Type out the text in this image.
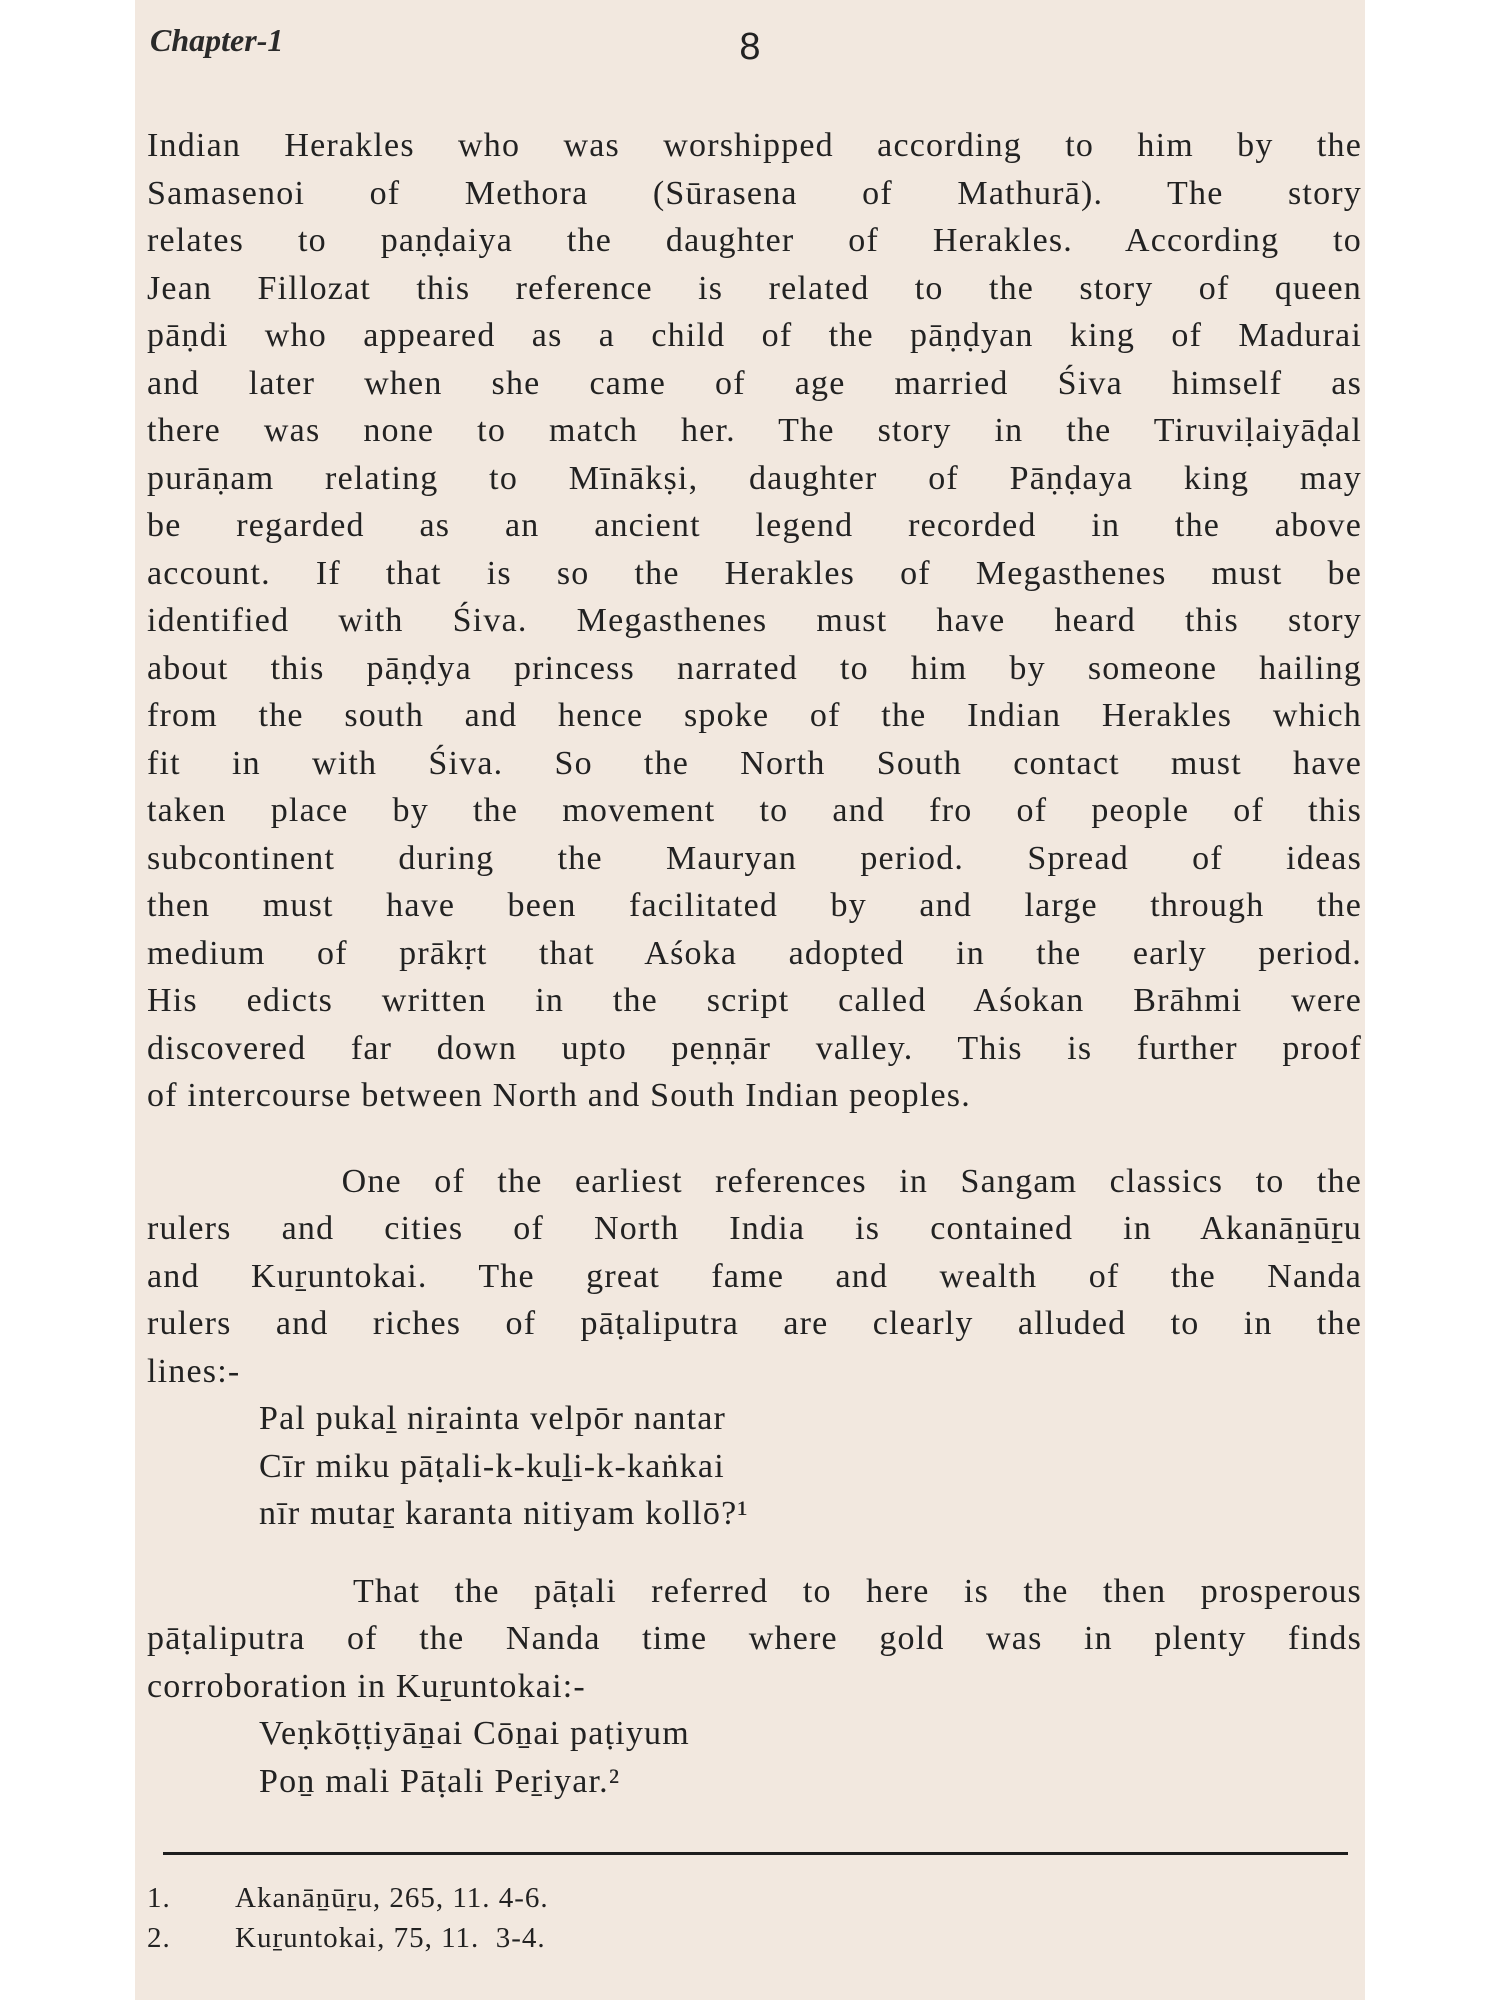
Chapter-1	8

Indian Herakles who was worshipped according to him by the
Samasenoi of Methora (Sūrasena of Mathurā). The story
relates to paṇḍaiya the daughter of Herakles. According to
Jean Fillozat this reference is related to the story of queen
pāṇdi who appeared as a child of the pāṇḍyan king of Madurai
and later when she came of age married Śiva himself as
there was none to match her. The story in the Tiruviḷaiyāḍal
purāṇam relating to Mīnākṣi, daughter of Pāṇḍaya king may
be regarded as an ancient legend recorded in the above
account. If that is so the Herakles of Megasthenes must be
identified with Śiva. Megasthenes must have heard this story
about this pāṇḍya princess narrated to him by someone hailing
from the south and hence spoke of the Indian Herakles which
fit in with Śiva. So the North South contact must have
taken place by the movement to and fro of people of this
subcontinent during the Mauryan period. Spread of ideas
then must have been facilitated by and large through the
medium of prākṛt that Aśoka adopted in the early period.
His edicts written in the script called Aśokan Brāhmi were
discovered far down upto peṇṇār valley. This is further proof
of intercourse between North and South Indian peoples.

One of the earliest references in Sangam classics to the
rulers and cities of North India is contained in Akanāṉūṟu
and Kuṟuntokai. The great fame and wealth of the Nanda
rulers and riches of pāṭaliputra are clearly alluded to in the
lines:-

Pal pukaḻ niṟainta velpōr nantar
Cīr miku pāṭali-k-kuḻi-k-kaṅkai
nīr mutaṟ karanta nitiyam kollō?¹

That the pāṭali referred to here is the then prosperous
pāṭaliputra of the Nanda time where gold was in plenty finds
corroboration in Kuṟuntokai:-

Veṇkōṭṭiyāṉai Cōṉai paṭiyum
Poṉ mali Pāṭali Peṟiyar.²

1.	Akanāṉūṟu, 265, 11. 4-6.
2.	Kuṟuntokai, 75, 11.  3-4.
